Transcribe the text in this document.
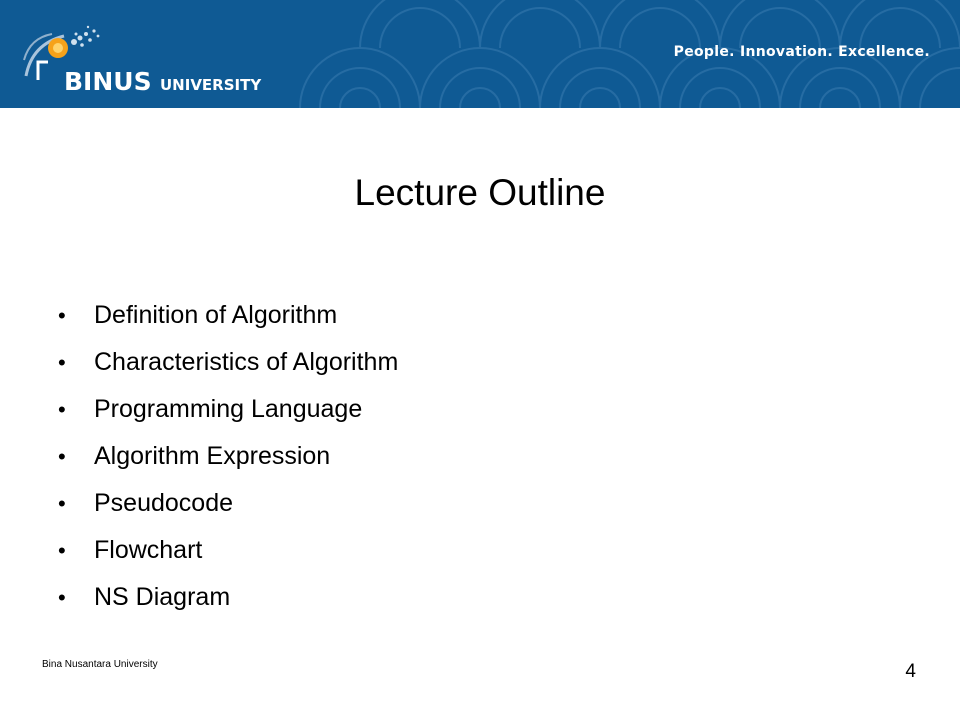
BINUS UNIVERSITY
People. Innovation. Excellence.
Lecture Outline
•	Definition of Algorithm
•	Characteristics of Algorithm
•	Programming Language
•	Algorithm Expression
•	Pseudocode
•	Flowchart
•	NS Diagram
Bina Nusantara University	4
